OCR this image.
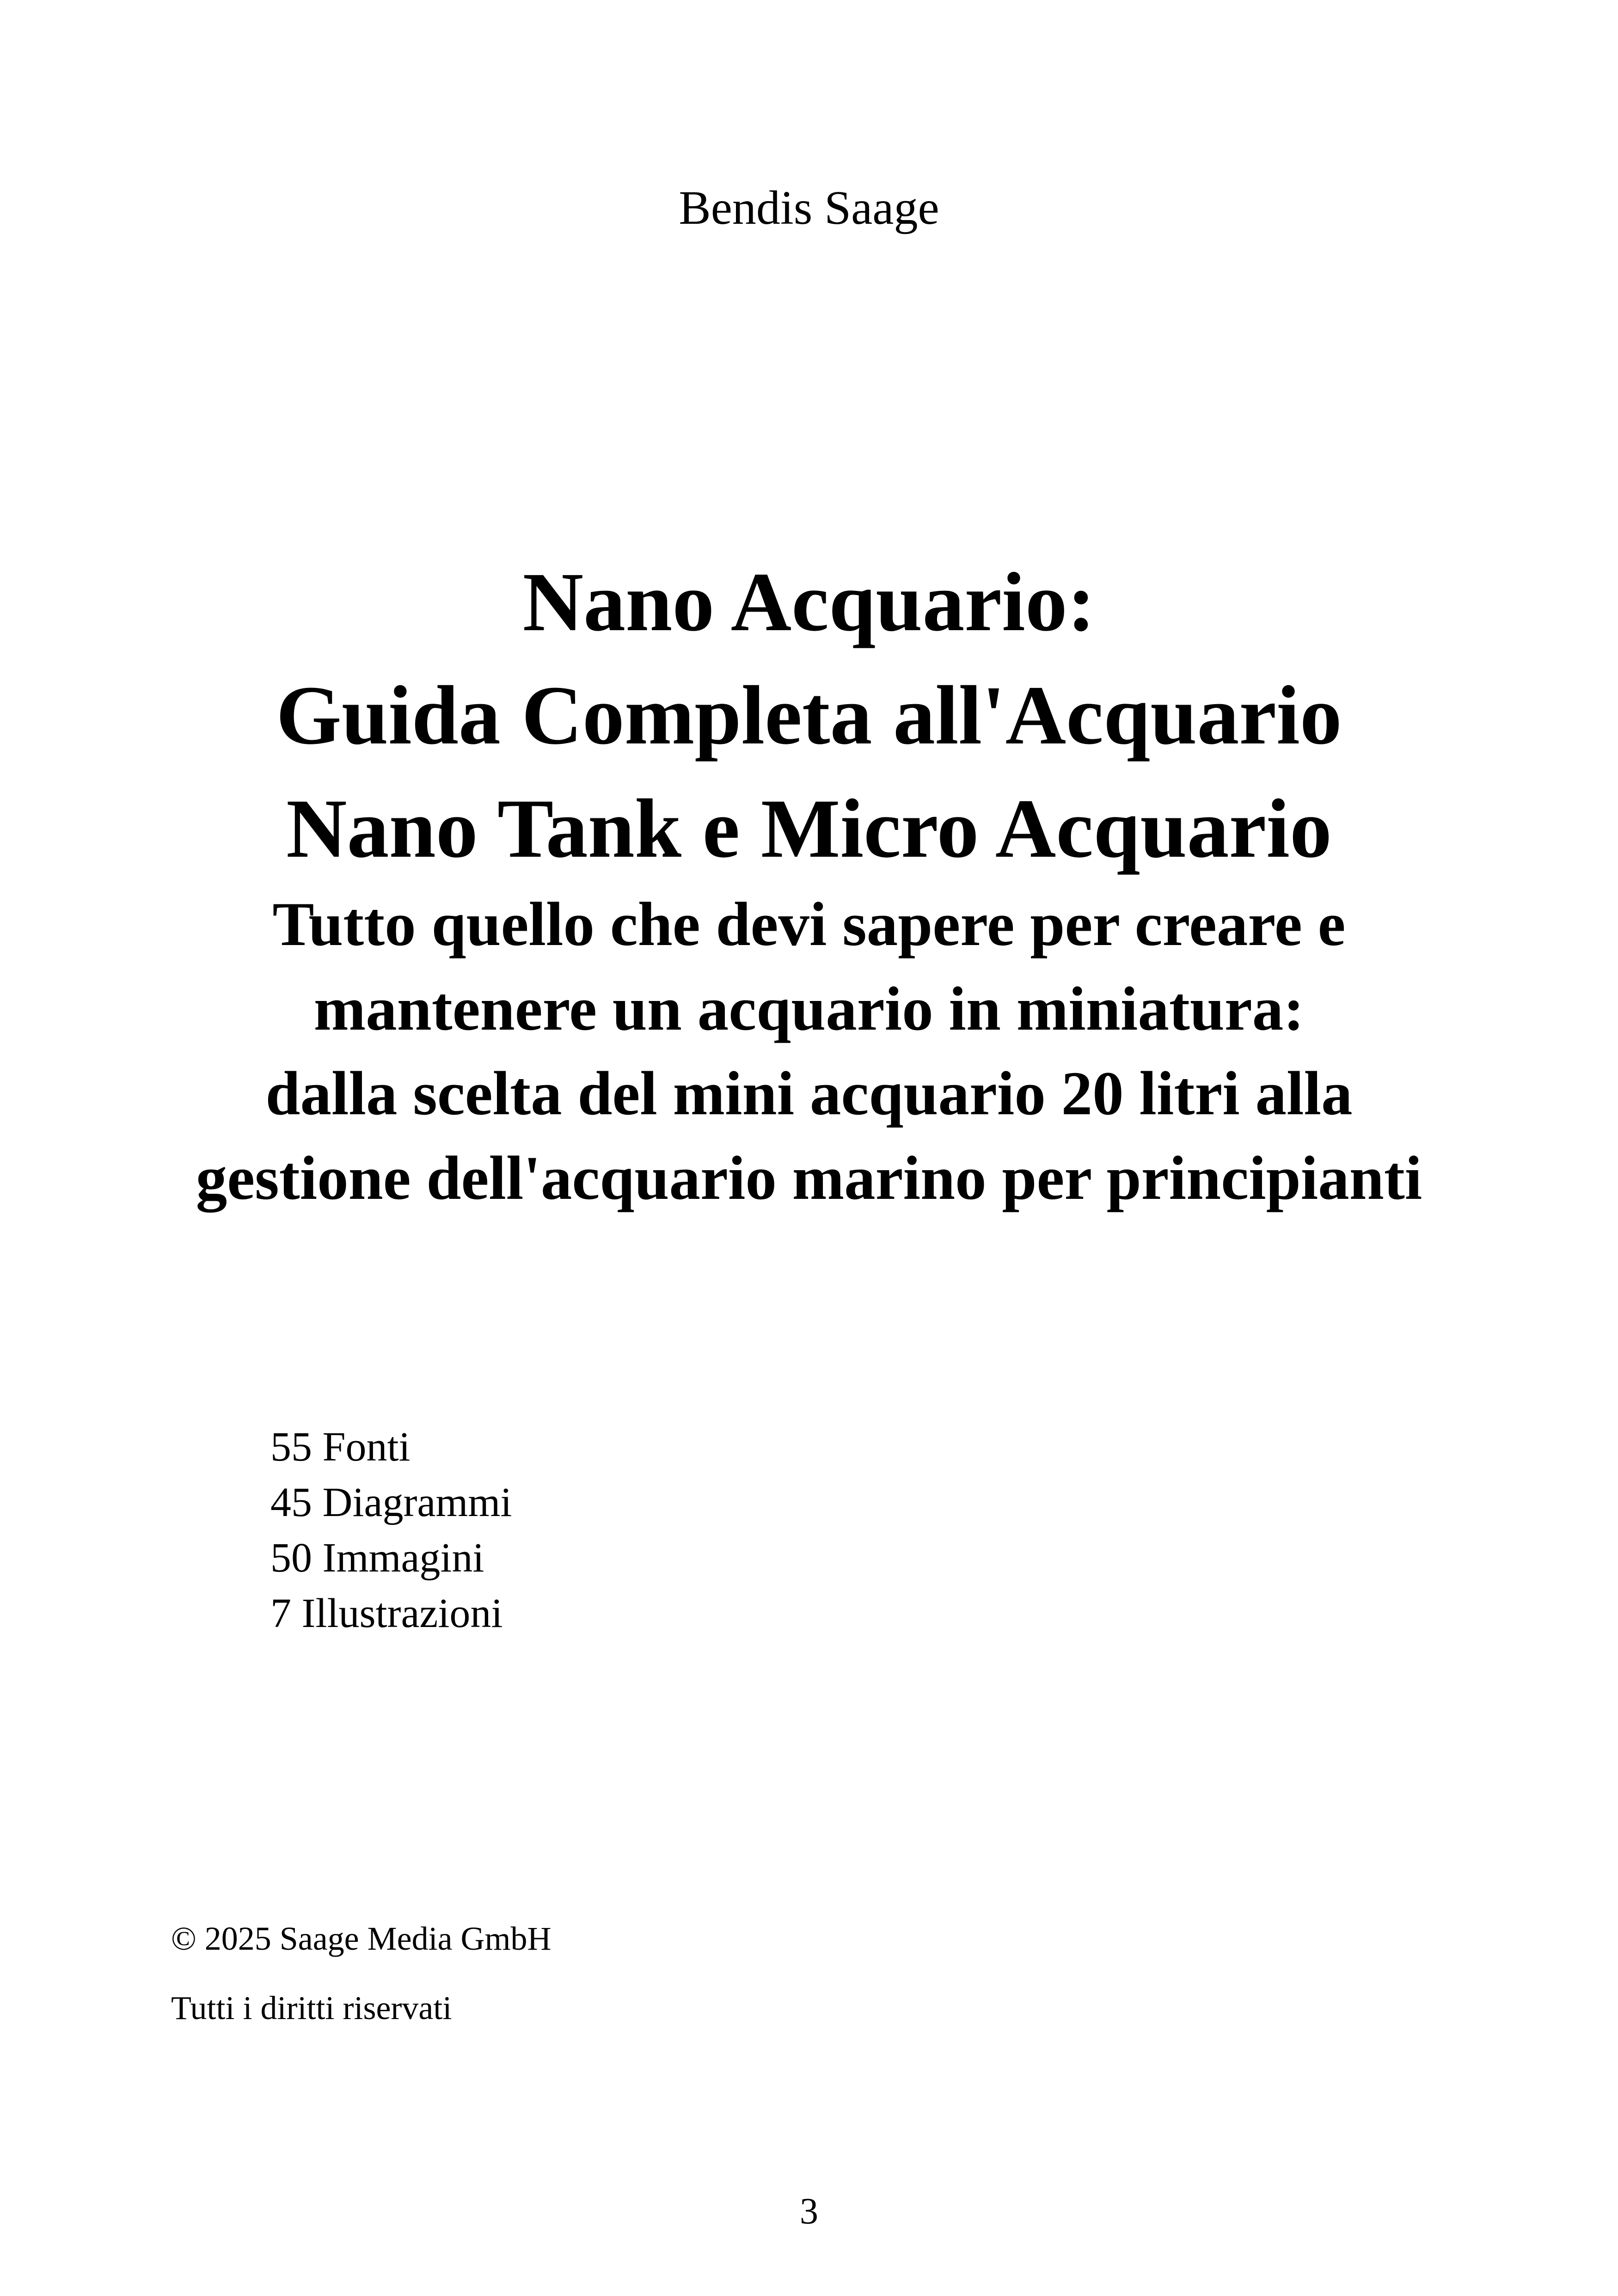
Bendis Saage
Nano Acquario:
Guida Completa all'Acquario
Nano Tank e Micro Acquario
Tutto quello che devi sapere per creare e
mantenere un acquario in miniatura:
dalla scelta del mini acquario 20 litri alla
gestione dell'acquario marino per principianti
55 Fonti
45 Diagrammi
50 Immagini
7 Illustrazioni
© 2025 Saage Media GmbH
Tutti i diritti riservati
3
